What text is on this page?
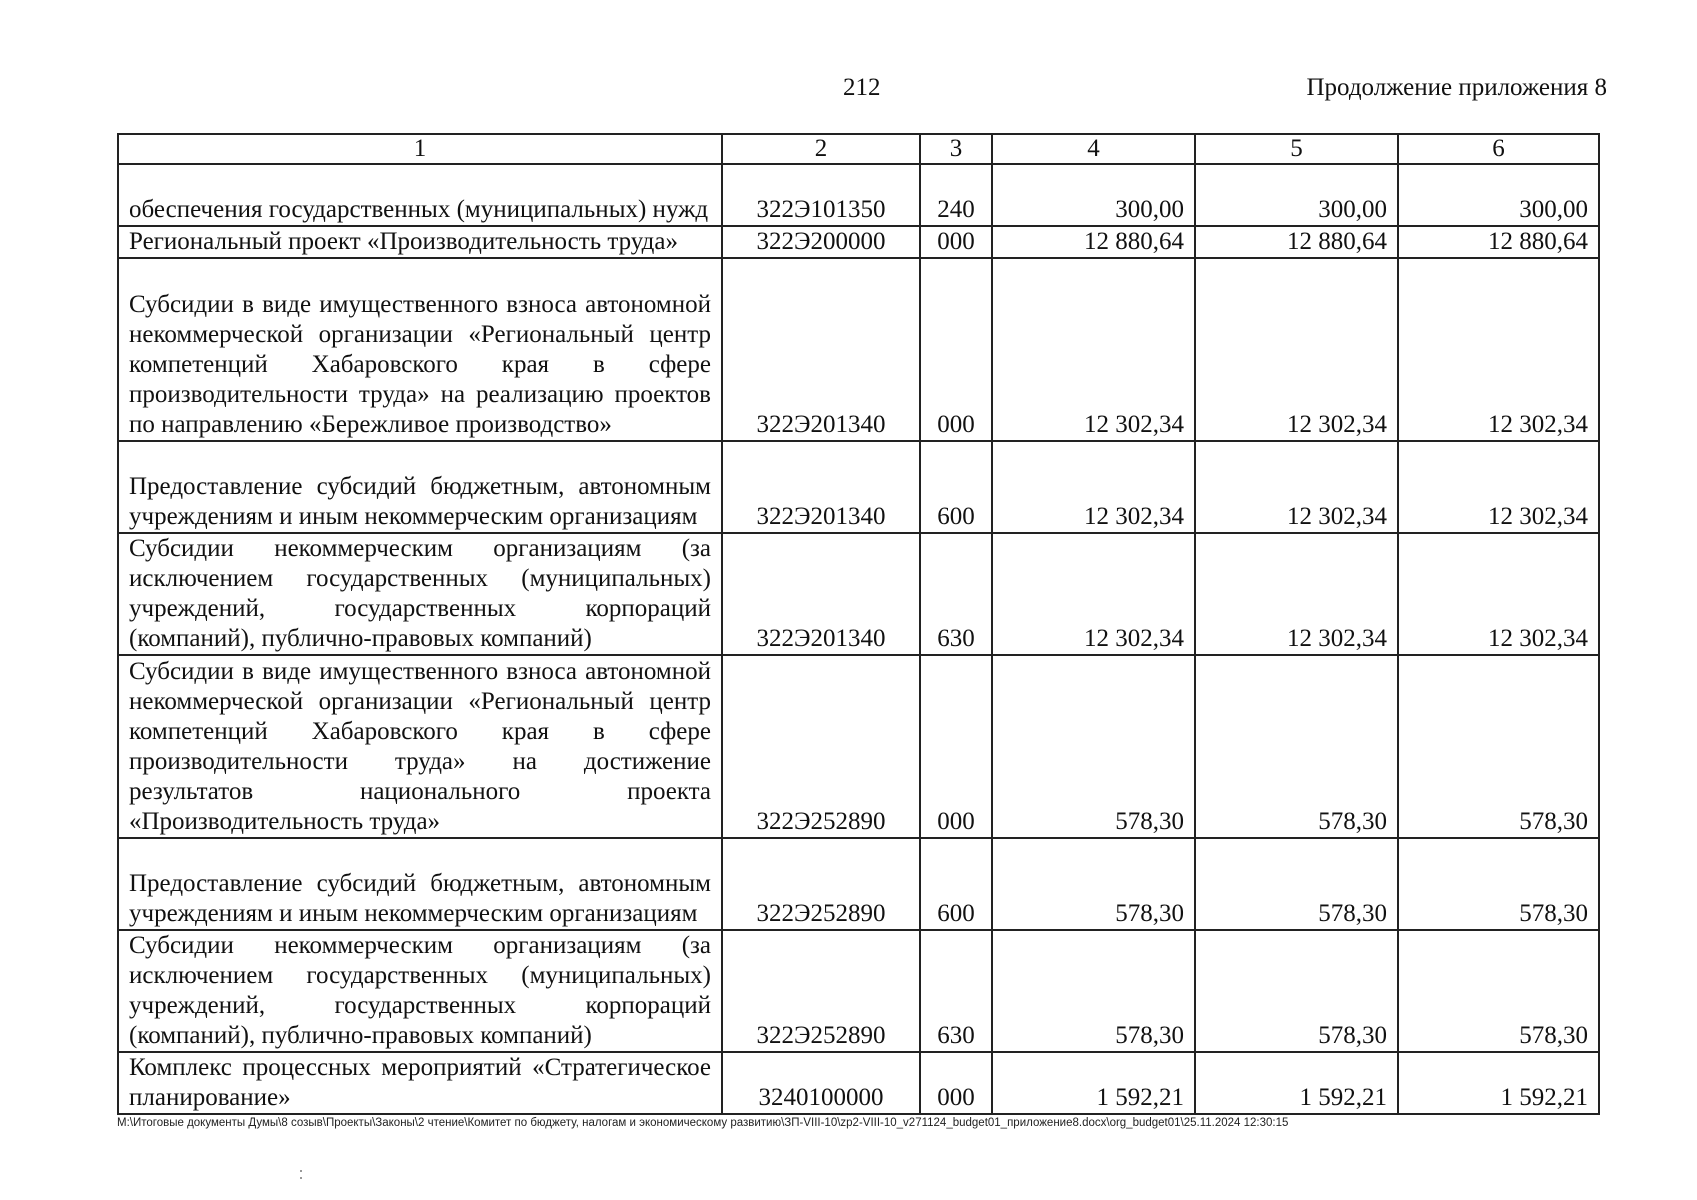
212	Продолжение приложения 8
1	2	3	4	5	6
обеспечения государственных (муниципальных) нужд	322Э101350	240	300,00	300,00	300,00
Региональный проект «Производительность труда»	322Э200000	000	12 880,64	12 880,64	12 880,64
Субсидии в виде имущественного взноса автономной некоммерческой организации «Региональный центр компетенций Хабаровского края в сфере производительности труда» на реализацию проектов по направлению «Бережливое производство»	322Э201340	000	12 302,34	12 302,34	12 302,34
Предоставление субсидий бюджетным, автономным учреждениям и иным некоммерческим организациям	322Э201340	600	12 302,34	12 302,34	12 302,34
Субсидии некоммерческим организациям (за исключением государственных (муниципальных) учреждений, государственных корпораций (компаний), публично-правовых компаний)	322Э201340	630	12 302,34	12 302,34	12 302,34
Субсидии в виде имущественного взноса автономной некоммерческой организации «Региональный центр компетенций Хабаровского края в сфере производительности труда» на достижение результатов национального проекта «Производительность труда»	322Э252890	000	578,30	578,30	578,30
Предоставление субсидий бюджетным, автономным учреждениям и иным некоммерческим организациям	322Э252890	600	578,30	578,30	578,30
Субсидии некоммерческим организациям (за исключением государственных (муниципальных) учреждений, государственных корпораций (компаний), публично-правовых компаний)	322Э252890	630	578,30	578,30	578,30
Комплекс процессных мероприятий «Стратегическое планирование»	3240100000	000	1 592,21	1 592,21	1 592,21
M:\Итоговые документы Думы\8 созыв\Проекты\Законы\2 чтение\Комитет по бюджету, налогам и экономическому развитию\ЗП-VIII-10\zp2-VIII-10_v271124_budget01_приложение8.docx\org_budget01\25.11.2024 12:30:15
